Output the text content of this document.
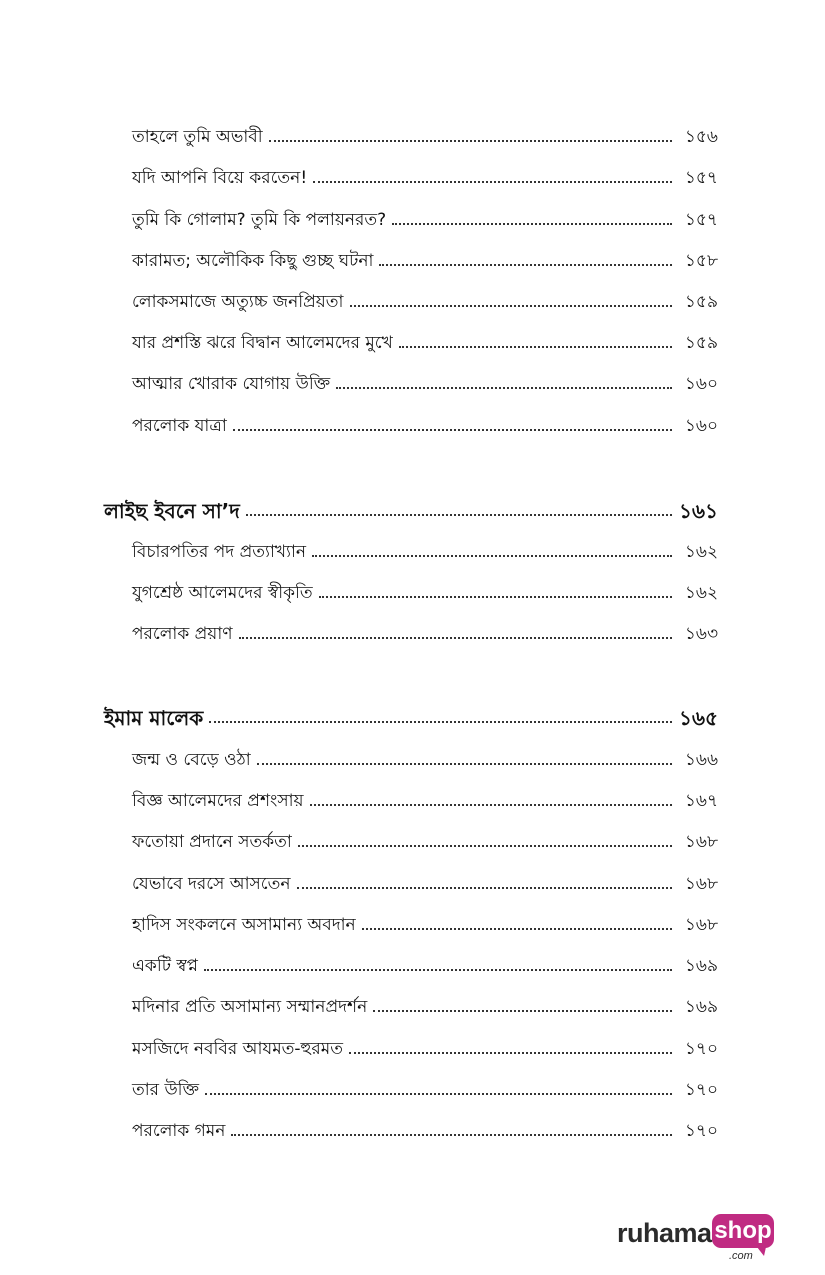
তাহলে তুমি অভাবী	১৫৬
যদি আপনি বিয়ে করতেন!	১৫৭
তুমি কি গোলাম? তুমি কি পলায়নরত?	১৫৭
কারামত; অলৌকিক কিছু গুচ্ছ ঘটনা	১৫৮
লোকসমাজে অত্যুচ্চ জনপ্রিয়তা	১৫৯
যার প্রশস্তি ঝরে বিদ্বান আলেমদের মুখে	১৫৯
আত্মার খোরাক যোগায় উক্তি	১৬০
পরলোক যাত্রা	১৬০
লাইছ ইবনে সা’দ	১৬১
বিচারপতির পদ প্রত্যাখ্যান	১৬২
যুগশ্রেষ্ঠ আলেমদের স্বীকৃতি	১৬২
পরলোক প্রয়াণ	১৬৩
ইমাম মালেক	১৬৫
জন্ম ও বেড়ে ওঠা	১৬৬
বিজ্ঞ আলেমদের প্রশংসায়	১৬৭
ফতোয়া প্রদানে সতর্কতা	১৬৮
যেভাবে দরসে আসতেন	১৬৮
হাদিস সংকলনে অসামান্য অবদান	১৬৮
একটি স্বপ্ন	১৬৯
মদিনার প্রতি অসামান্য সম্মানপ্রদর্শন	১৬৯
মসজিদে নববির আযমত-হুরমত	১৭০
তার উক্তি	১৭০
পরলোক গমন	১৭০
ruhama shop
.com
